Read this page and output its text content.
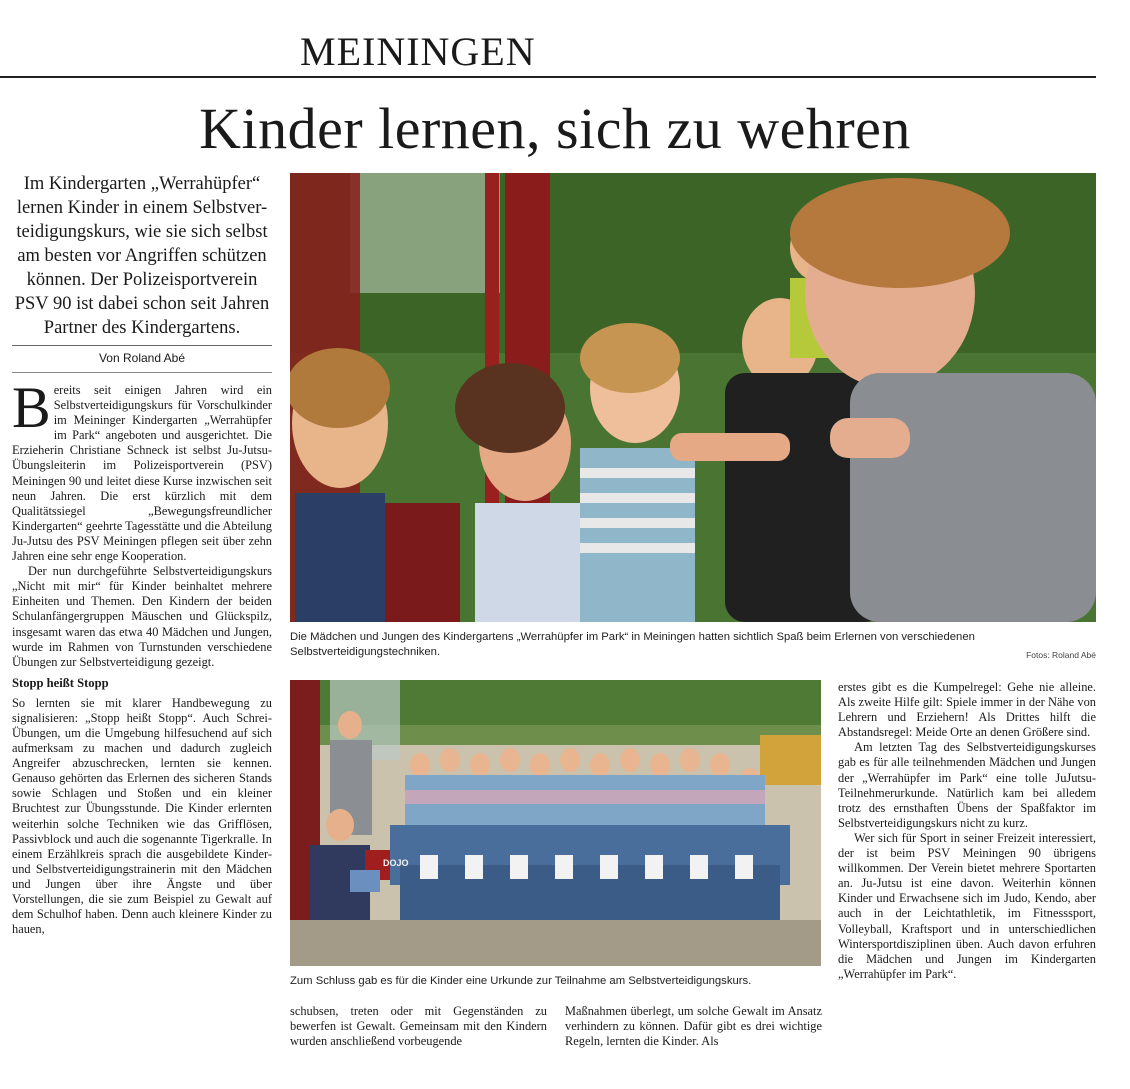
MEININGEN
Kinder lernen, sich zu wehren

Im Kindergarten „Werrahüpfer“

lernen Kinder in einem Selbstver-

teidigungskurs, wie sie sich selbst

am besten vor Angriffen schützen

können. Der Polizeisportverein

PSV 90 ist dabei schon seit Jahren

Partner des Kindergartens.

Von Roland Abé

Bereits seit einigen Jahren wird ein Selbstverteidigungskurs für Vorschulkinder im Meininger Kindergarten „Werrahüpfer im Park“ angeboten und ausgerichtet. Die Erzieherin Christiane Schneck ist selbst Ju-Jutsu-Übungsleiterin im Polizeisportverein (PSV) Meiningen 90 und leitet diese Kurse inzwischen seit neun Jahren. Die erst kürzlich mit dem Qualitätssiegel „Bewegungsfreundlicher Kindergarten“ geehrte Tagesstätte und die Abteilung Ju-Jutsu des PSV Meiningen pflegen seit über zehn Jahren eine sehr enge Kooperation.

Der nun durchgeführte Selbstverteidigungskurs „Nicht mit mir“ für Kinder beinhaltet mehrere Einheiten und Themen. Den Kindern der beiden Schulanfängergruppen Mäuschen und Glückspilz, insgesamt waren das etwa 40 Mädchen und Jungen, wurde im Rahmen von Turnstunden verschiedene Übungen zur Selbstverteidigung gezeigt.

Stopp heißt Stopp

So lernten sie mit klarer Handbewegung zu signalisieren: „Stopp heißt Stopp“. Auch Schrei-Übungen, um die Umgebung hilfesuchend auf sich aufmerksam zu machen und dadurch zugleich Angreifer abzuschrecken, lernten sie kennen. Genauso gehörten das Erlernen des sicheren Stands sowie Schlagen und Stoßen und ein kleiner Bruchtest zur Übungsstunde. Die Kinder erlernten weiterhin solche Techniken wie das Grifflösen, Passivblock und auch die sogenannte Tigerkralle. In einem Erzählkreis sprach die ausgebildete Kinder- und Selbstverteidigungstrainerin mit den Mädchen und Jungen über ihre Ängste und über Vorstellungen, die sie zum Beispiel zu Gewalt auf dem Schulhof haben. Denn auch kleinere Kinder zu hauen,

Die Mädchen und Jungen des Kindergartens „Werrahüpfer im Park“ in Meiningen hatten sichtlich Spaß beim Erlernen von verschiedenen Selbstverteidigungstechniken.	Fotos: Roland Abé
DOJO
Zum Schluss gab es für die Kinder eine Urkunde zur Teilnahme am Selbstverteidigungskurs.

schubsen, treten oder mit Gegenständen zu bewerfen ist Gewalt. Gemeinsam mit den Kindern wurden anschließend vorbeugende

Maßnahmen überlegt, um solche Gewalt im Ansatz verhindern zu können. Dafür gibt es drei wichtige Regeln, lernten die Kinder. Als

erstes gibt es die Kumpelregel: Gehe nie alleine. Als zweite Hilfe gilt: Spiele immer in der Nähe von Lehrern und Erziehern! Als Drittes hilft die Abstandsregel: Meide Orte an denen Größere sind.

Am letzten Tag des Selbstverteidigungskurses gab es für alle teilnehmenden Mädchen und Jungen der „Werrahüpfer im Park“ eine tolle JuJutsu-Teilnehmerurkunde. Natürlich kam bei alledem trotz des ernsthaften Übens der Spaßfaktor im Selbstverteidigungskurs nicht zu kurz.

Wer sich für Sport in seiner Freizeit interessiert, der ist beim PSV Meiningen 90 übrigens willkommen. Der Verein bietet mehrere Sportarten an. Ju-Jutsu ist eine davon. Weiterhin können Kinder und Erwachsene sich im Judo, Kendo, aber auch in der Leichtathletik, im Fitnesssport, Volleyball, Kraftsport und in unterschiedlichen Wintersportdisziplinen üben. Auch davon erfuhren die Mädchen und Jungen im Kindergarten „Werrahüpfer im Park“.
